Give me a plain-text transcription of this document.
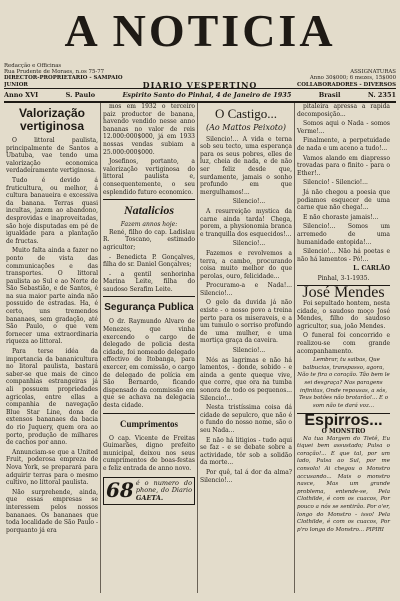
A NOTICIA
Redacção e Officinas
Rua Prudente de Moraes, n.os 75-77
DIRECTOR-PROPRIETARIO - SAMPAIO JUNIOR	DIARIO VESPERTINO
ASSIGNATURAS
Anno 30$000; 6 mezes, 15$000
COLLABORADORES - DIVERSOS
Anno XVI	S. Paulo	Espirito Santo do Pinhal, 4 de Janeiro de 1935	Brasil	N. 2351
Valorização vertiginosa

O littoral paulista, principalmente de Santos a Ubatuba, vae tendo uma valorização economica verdadeiramente vertiginosa.

Tudo é devido á fruticultura, ou melhor, á cultura banaueira e excessiva da banana. Terras quasi incultas, jazem ao abandono, desprovidas e inaproveitadas, são hoje disputadas em pé de igualdade para a plantação de fructas.

Muito falta ainda a fazer no ponto de vista das communicações e das transportes. O littoral paulista ao Sul e ao Norte de São Sebastião, e de Santos, é na sua maior parte ainda não possuido de estradas. Ha, é certo, uns tremendos bananaes, sem gradação, até São Paulo, o que vem fornecer uma extraordinaria riqueza ao littoral.

Para terse idéa da importancia da bananicultura no litoral paulista, bastará saber-se que mais de cinco companhias estrangeiras já ali possuem propriedades agricolas, entre ellas a companhia de navegação Blue Star Line, dona de extensos bananaes da bacia do rio Juquery, quem ora ao porto, produção de milhares de cachos por anno.

Annunciam-se que a United Fruit, poderosa empreza de Nova York, se preparará para adquirir terras para o mesmo cultivo, no littoral paulista.

Não surprehende, ainda, que essas empresas se interessem pelos nossos bananaes. Os bananaes que toda localidade de São Paulo - porquanto já era

mos em 1932 o terceiro paiz productor de banana, havendo vendido nesse anno bananas no valor de reis 12.000:000$000, já em 1933 nossas vendas subiam a 25.000:000$000.

Josefinos, portanto, a valorização vertiginosa do littoral paulista e, consequentemente, o seu esplendido futuro economico.

Natalicios
Fazem annos hoje:

René, filho do cap. Ladislau R. Toscano, estimado agricultor;

- Benedicta P. Gonçalves, filha do sr. Daniel Gonçalves;

- a gentil senhorinha Marina Leite, filha do saudoso Serafim Leite.

Segurança Publica

O dr. Raymundo Alvaro de Menezes, que vinha exercendo o cargo de delegado de policia desta cidade, foi nomeado delegado effectivo de Itobanga, para exercer, em comissão, o cargo de delegado de polícia em São Bernardo, ficando dispensado da commissão em que se achava na delegacia desta cidade.

Cumprimentos

O cap. Vicente de Freitas Guimarães, digno prefeito municipal, deixou nos seus cumprimentos de boas-festas e feliz entrada de anno novo.

68 é o numero do phone, do Diario GAETA.
O Castigo...
(Ao Mattos Peixoto)

Silencio!... A vida e terna sob seu tecto, uma esperança para os seus pobres, elles de luz, cheia de nada, e de não ser feliz desde que, surdamente, jamais o sonho profundo em que mergulhamos!...

Silencio!...

A resurreição mystica da carne ainda tarda! Chega, porem, a physionomia branca e tranquilla dos esquecidos!...

Silencio!...

Fazemos e revolvemos a terra, a cambo, procurando coisa muito melhor do que perolas, ouro, felicidade...

Procuramo-a e Nada!... Silencio!...

O gelo da duvida já não existe - o nosso povo a treina perto para os miseraveis, e a um tumulo o sorriso profundo de uma mulher, e uma mortiça graça da caveira.

Silencio!...

Nós as lagrimas e não há lamentos, - donde, sobido - e ainda a gente queque vive, que corre, que ora na tumba sonora de todo os pequenos... Silencio!...

Nesta tristíssima coisa dá cidade de sepulcro, que não é o fundo do nosso nome, são o seu Nada...

E não há litigios - tudo aqui se faz - e se debate sobre a actividade, tôr sob a solidão da morte...

Por quê, tal á dor da alma? Silencio!...

pitaleira apressa a rapida decomposição...

Somos aqui o Nada - somos Verme!...

Finalmente, a perpetuidade de nada e um aceno a tudo!...

Vamos alando em diapresso trovadas para o finito - para o Ether!..

Silencio! - Silencio!...

Já não chegou a poesia que podiamos esquecer de uma carne que não chega!...

E não choraste jamais!...

Silencio!... Somos um arremedo de uma humanidade entopida!...

Silencio!... Não há poetas e não há lamentos - Pó!...

L. CARLÃO

Pinhal, 3-1-1935.
José Mendes

Foi sepultado hontem, nesta cidade, o saudoso moço José Mendes, filho do saudoso agricultor, sua, joão Mendes.

O funeral foi concorrido e realizou-se com grande acompanhamento.

Lembrar, tu saibas, Que balbucias, transpasso, agora, Não te fira o coração. Tão bem le sei desgraça? Nas paragens infinitas, Onde repousas, a sós, Teus botões não brotarão!... E o som não te dará voz...

Espirros...
O MONSTRO

Na tua Margem do Tietê, Eu tiquei bem assustado; Pulsa o coração!... E que tal, por um lado, Pulsa ao Sul, por me consolo! Ai chegou o Monstro accusando... Mais o monstro nasce, Mas um grande problema, entende-se, Pela Clothilde, é com os cuacos, Por pouco a nós se sentirão. Por o'er, longo do Monstro - isso! Pela Clothilde, é com os cuacos, Por p'ro longo do Monstro... PIPIRI
